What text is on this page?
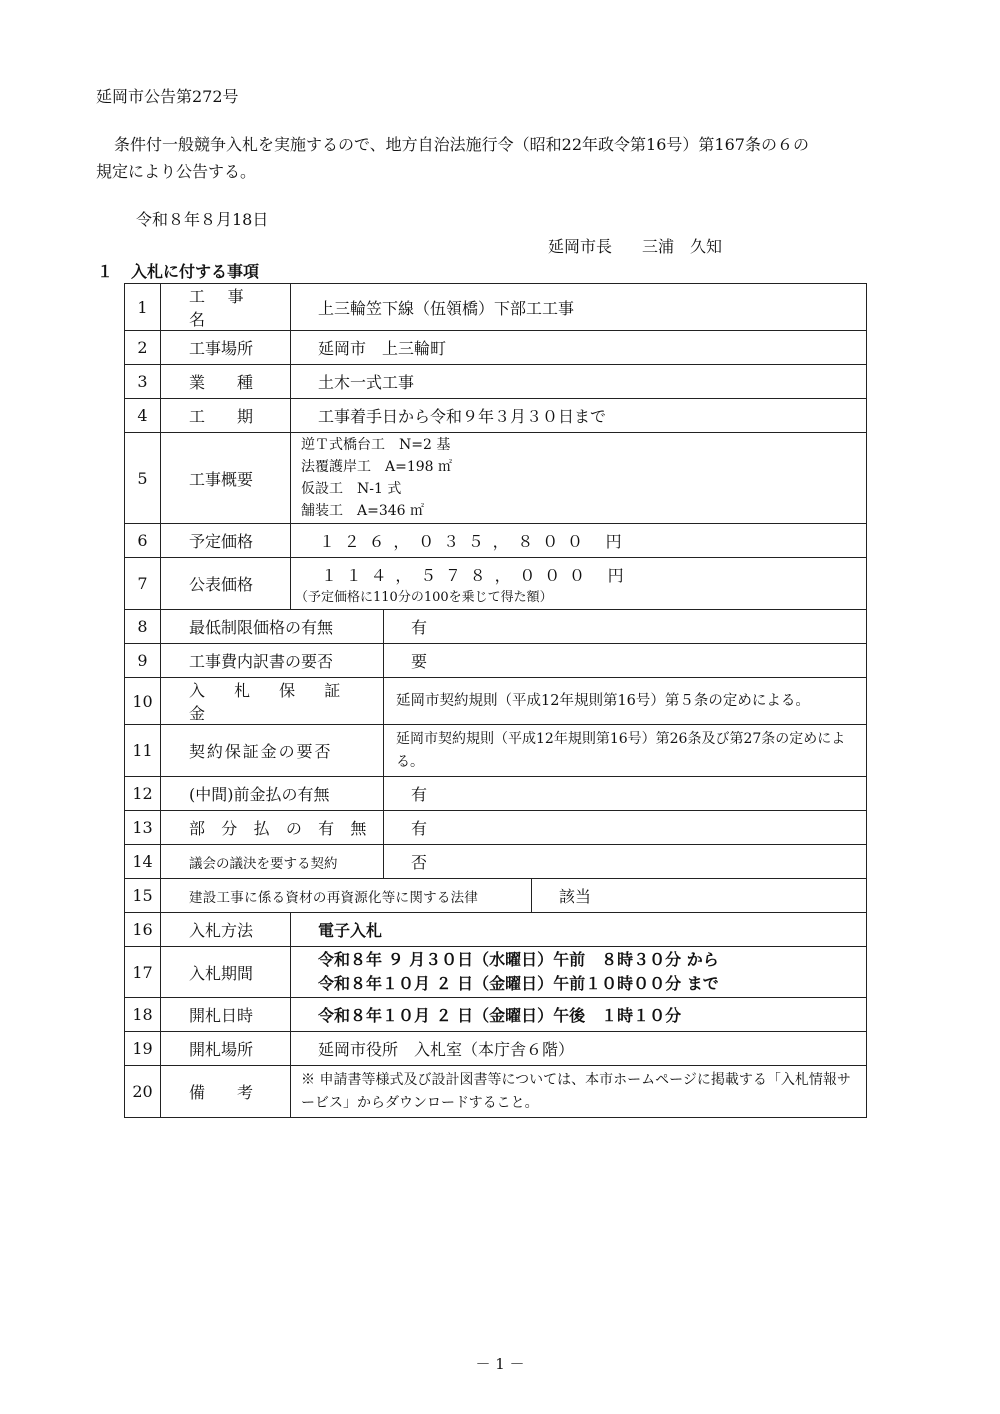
延岡市公告第272号
条件付一般競争入札を実施するので、地方自治法施行令（昭和22年政令第16号）第167条の６の
規定により公告する。
令和８年８月18日
延岡市長 三浦　久知
１ 入札に付する事項
1	工 事 名	上三輪笠下線（伍領橋）下部工工事		
2	工事場所	延岡市　上三輪町		
3	業　　種	土木一式工事		
4	工　　期	工事着手日から令和９年３月３０日まで		
5	工事概要	逆Ｔ式橋台工　N=2 基
法覆護岸工　A=198 ㎡
仮設工　N-1 式
舗装工　A=346 ㎡		

6	予定価格	１２６，０３５，８００ 円		
7	公表価格	１１４，５７８，０００ 円
（予定価格に110分の100を乗じて得た額）		

8	最低制限価格の有無		有	
9	工事費内訳書の要否		要	
10	入 札 保 証 金		延岡市契約規則（平成12年規則第16号）第５条の定めによる。	
11	契約保証金の要否		延岡市契約規則（平成12年規則第16号）第26条及び第27条の定めによる。	
12	(中間)前金払の有無		有	
13	部 分 払 の 有 無		有	
14	議会の議決を要する契約		否	
15	建設工事に係る資材の再資源化等に関する法律			該当
16	入札方法	電子入札		
17	入札期間	令和８年 ９ 月３０日（水曜日）午前　８時３０分 から
令和８年１０月 ２ 日（金曜日）午前１０時００分 まで		

18	開札日時	令和８年１０月 ２ 日（金曜日）午後　１時１０分		
19	開札場所	延岡市役所　入札室（本庁舎６階）		
20	備　　考	※ 申請書等様式及び設計図書等については、本市ホームページに掲載する「入札情報サービス」からダウンロードすること。		
－ 1 －
